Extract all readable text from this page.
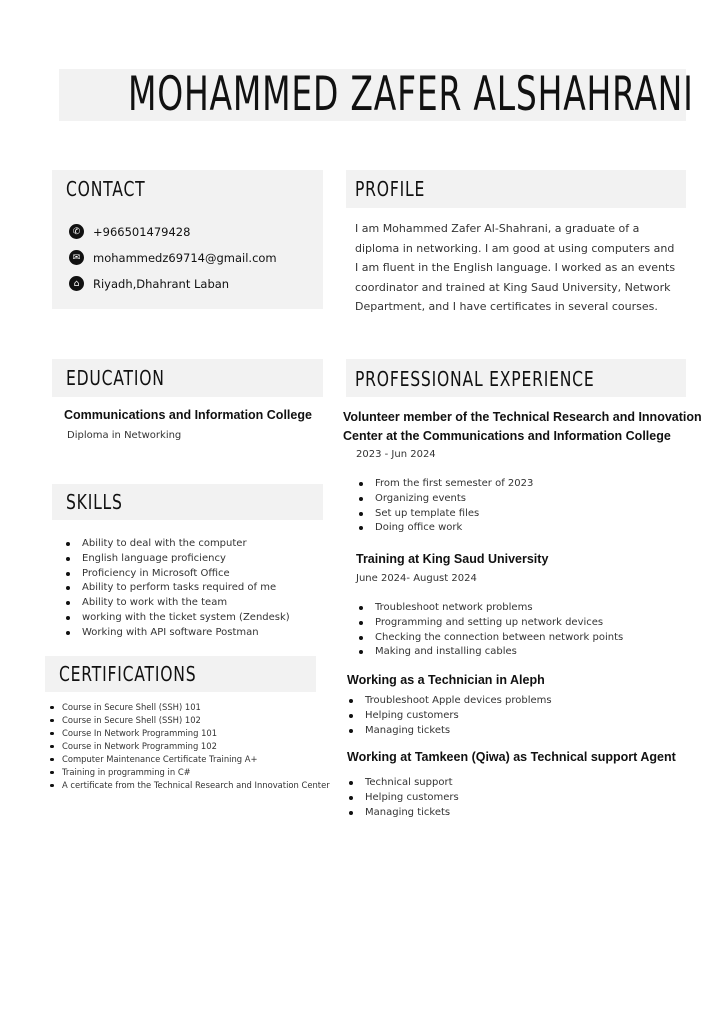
MOHAMMED ZAFER ALSHAHRANI
CONTACT
✆	+966501479428
✉	mohammedz69714@gmail.com
⌂	Riyadh,Dhahrant Laban
PROFILE
I am Mohammed Zafer Al-Shahrani, a graduate of a
diploma in networking. I am good at using computers and
I am fluent in the English language. I worked as an events
coordinator and trained at King Saud University, Network
Department, and I have certificates in several courses.
EDUCATION
Communications and Information College
Diploma in Networking
SKILLS
Ability to deal with the computer
English language proficiency
Proficiency in Microsoft Office
Ability to perform tasks required of me
Ability to work with the team
working with the ticket system (Zendesk)
Working with API software Postman
CERTIFICATIONS
Course in Secure Shell (SSH) 101
Course in Secure Shell (SSH) 102
Course In Network Programming 101
Course in Network Programming 102
Computer Maintenance Certificate Training A+
Training in programming in C#
A certificate from the Technical Research and Innovation Center
PROFESSIONAL EXPERIENCE
Volunteer member of the Technical Research and Innovation
Center at the Communications and Information College
2023 - Jun 2024
From the first semester of 2023
Organizing events
Set up template files
Doing office work
Training at King Saud University
June 2024- August 2024
Troubleshoot network problems
Programming and setting up network devices
Checking the connection between network points
Making and installing cables
Working as a Technician in Aleph
Troubleshoot Apple devices problems
Helping customers
Managing tickets
Working at Tamkeen (Qiwa) as Technical support Agent
Technical support
Helping customers
Managing tickets
